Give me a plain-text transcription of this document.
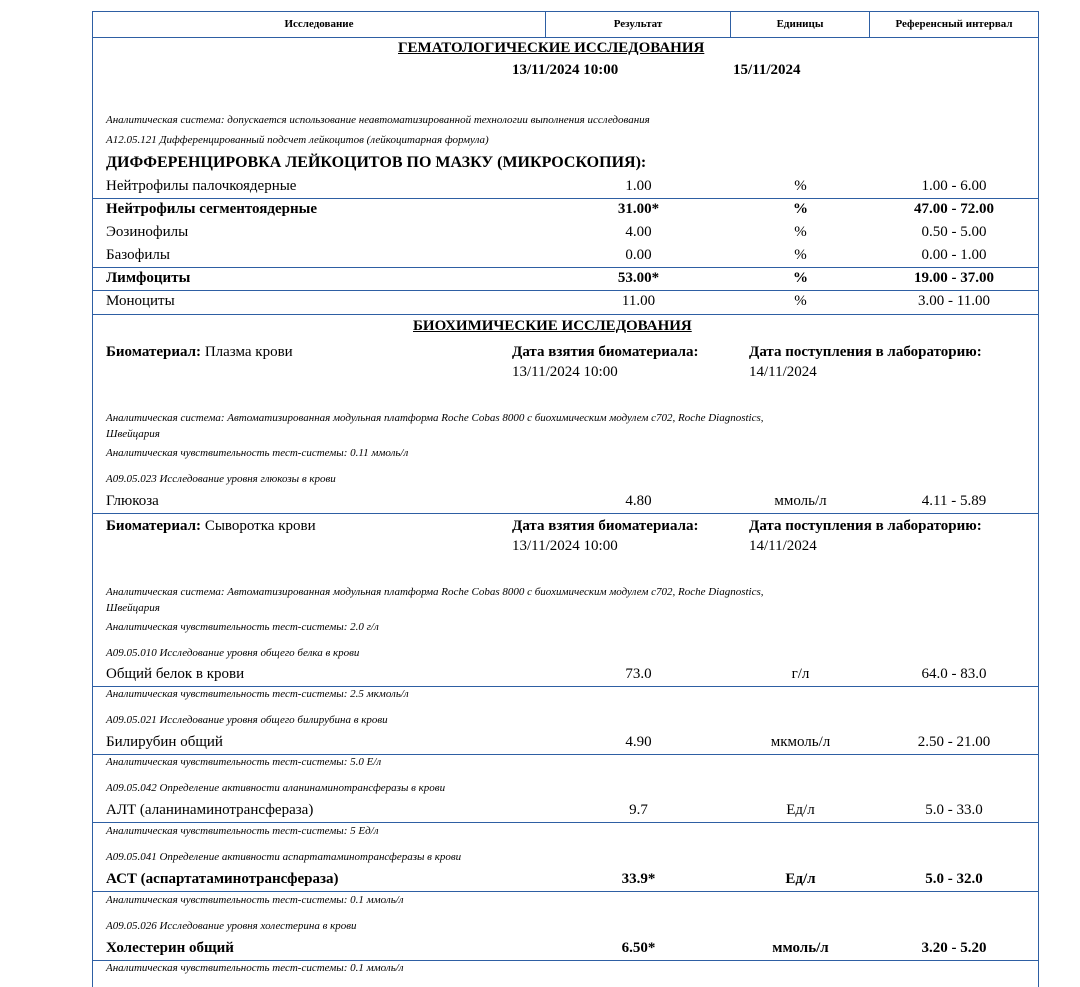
Исследование	Результат	Единицы	Референсный интервал
ГЕМАТОЛОГИЧЕСКИЕ ИССЛЕДОВАНИЯ
13/11/2024 10:00	15/11/2024
Аналитическая система: допускается использование неавтоматизированной технологии выполнения исследования
A12.05.121 Дифференцированный подсчет лейкоцитов (лейкоцитарная формула)
ДИФФЕРЕНЦИРОВКА ЛЕЙКОЦИТОВ ПО МАЗКУ (МИКРОСКОПИЯ):
Нейтрофилы палочкоядерные	1.00	%	1.00 - 6.00
Нейтрофилы сегментоядерные	31.00*	%	47.00 - 72.00
Эозинофилы	4.00	%	0.50 - 5.00
Базофилы	0.00	%	0.00 - 1.00
Лимфоциты	53.00*	%	19.00 - 37.00
Моноциты	11.00	%	3.00 - 11.00
БИОХИМИЧЕСКИЕ ИССЛЕДОВАНИЯ
Биоматериал: Плазма крови	Дата взятия биоматериала:	Дата поступления в лабораторию:
13/11/2024 10:00	14/11/2024
Аналитическая система: Автоматизированная модульная платформа Roche Cobas 8000 с биохимическим модулем c702, Roche Diagnostics,
Швейцария
Аналитическая чувствительность тест-системы: 0.11 ммоль/л
A09.05.023 Исследование уровня глюкозы в крови
Глюкоза	4.80	ммоль/л	4.11 - 5.89
Биоматериал: Сыворотка крови	Дата взятия биоматериала:	Дата поступления в лабораторию:
13/11/2024 10:00	14/11/2024
Аналитическая система: Автоматизированная модульная платформа Roche Cobas 8000 с биохимическим модулем c702, Roche Diagnostics,
Швейцария
Аналитическая чувствительность тест-системы: 2.0 г/л
A09.05.010 Исследование уровня общего белка в крови
Общий белок в крови	73.0	г/л	64.0 - 83.0
Аналитическая чувствительность тест-системы: 2.5 мкмоль/л
A09.05.021 Исследование уровня общего билирубина в крови
Билирубин общий	4.90	мкмоль/л	2.50 - 21.00
Аналитическая чувствительность тест-системы: 5.0 Е/л
A09.05.042 Определение активности аланинаминотрансферазы в крови
АЛТ (аланинаминотрансфераза)	9.7	Ед/л	5.0 - 33.0
Аналитическая чувствительность тест-системы: 5 Ед/л
A09.05.041 Определение активности аспартатаминотрансферазы в крови
АСТ (аспартатаминотрансфераза)	33.9*	Ед/л	5.0 - 32.0
Аналитическая чувствительность тест-системы: 0.1 ммоль/л
A09.05.026 Исследование уровня холестерина в крови
Холестерин общий	6.50*	ммоль/л	3.20 - 5.20
Аналитическая чувствительность тест-системы: 0.1 ммоль/л
